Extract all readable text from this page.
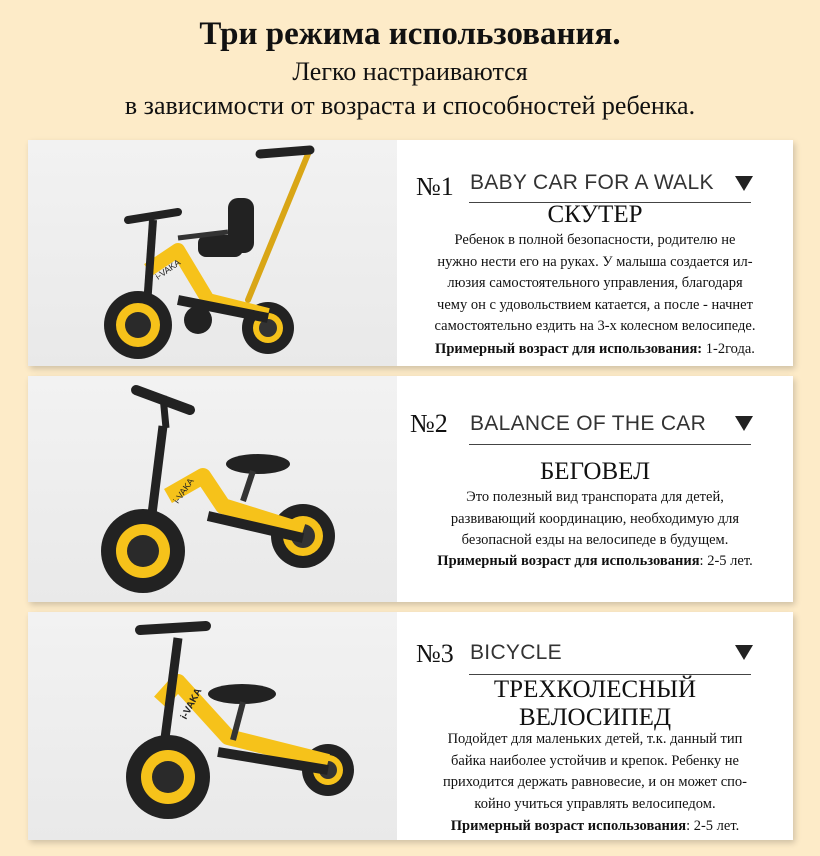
Три режима использования.
Легко настраиваются
в зависимости от возраста и способностей ребенка.
i-VAKA
№1 BABY CAR FOR A WALK
СКУТЕР
Ребенок в полной безопасности, родителю не
нужно нести его на руках. У малыша создается ил-
люзия самостоятельного управления, благодаря
чему он с удовольствием катается, а после - начнет
самостоятельно ездить на 3-х колесном велосипеде.
Примерный возраст для использования: 1-2года.
i-VAKA
№2 BALANCE OF THE CAR
БЕГОВЕЛ
Это полезный вид транспората для детей,
развивающий координацию, необходимую для
безопасной езды на велосипеде в будущем.
Примерный возраст для использования: 2-5 лет.
i-VAKA
№3 BICYCLE
ТРЕХКОЛЕСНЫЙ
ВЕЛОСИПЕД
Подойдет для маленьких детей, т.к. данный тип
байка наиболее устойчив и крепок. Ребенку не
приходится держать равновесие, и он может спо-
койно учиться управлять велосипедом.
Примерный возраст использования: 2-5 лет.
